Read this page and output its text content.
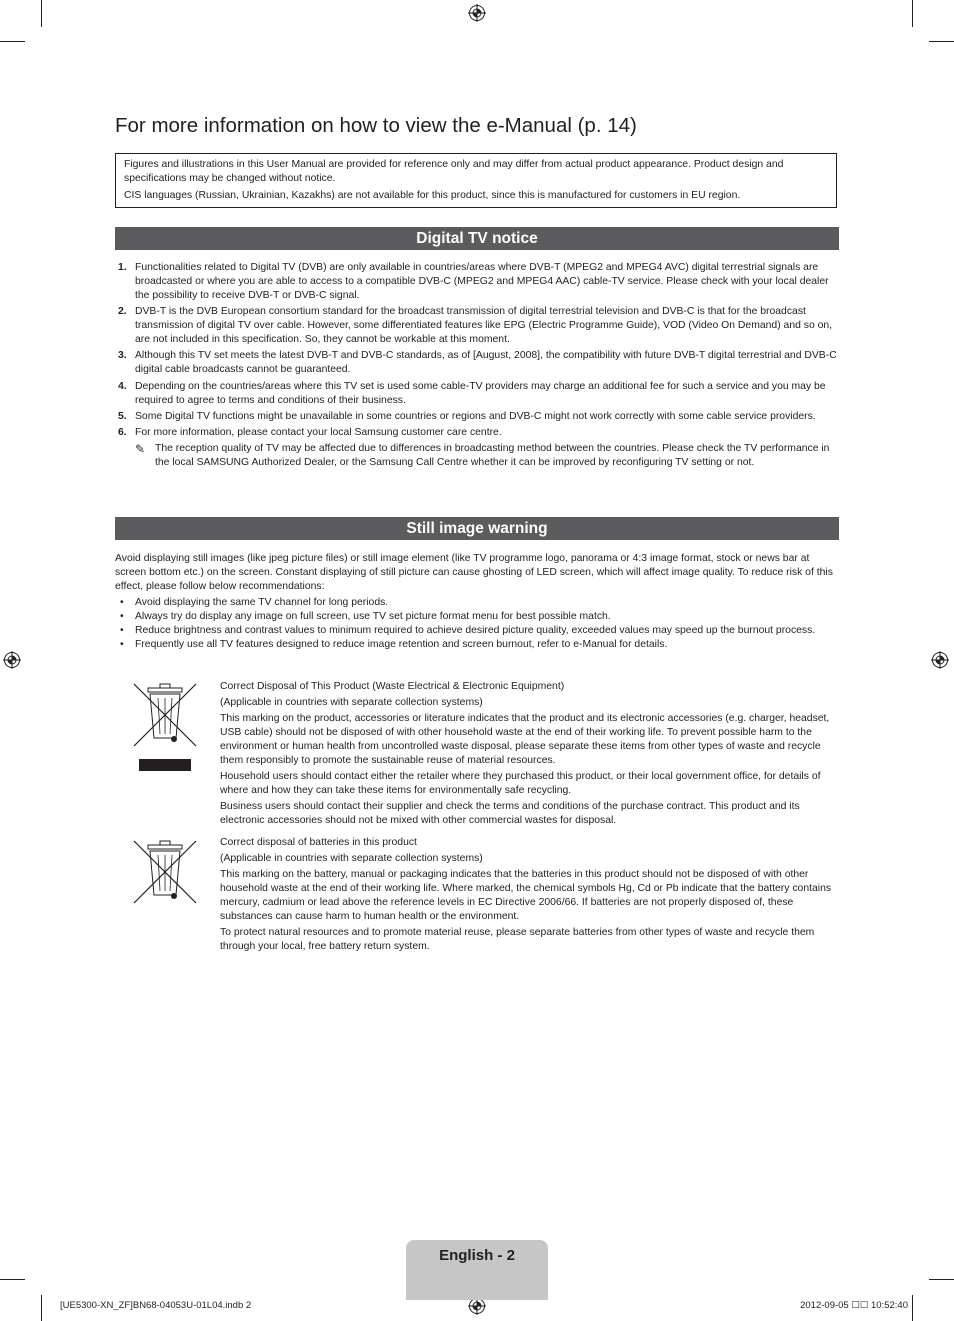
For more information on how to view the e-Manual (p. 14)

Figures and illustrations in this User Manual are provided for reference only and may differ from actual product appearance. Product design and specifications may be changed without notice.

CIS languages (Russian, Ukrainian, Kazakhs) are not available for this product, since this is manufactured for customers in EU region.

Digital TV notice
1. Functionalities related to Digital TV (DVB) are only available in countries/areas where DVB-T (MPEG2 and MPEG4 AVC) digital terrestrial signals are broadcasted or where you are able to access to a compatible DVB-C (MPEG2 and MPEG4 AAC) cable-TV service. Please check with your local dealer the possibility to receive DVB-T or DVB-C signal.
2. DVB-T is the DVB European consortium standard for the broadcast transmission of digital terrestrial television and DVB-C is that for the broadcast transmission of digital TV over cable. However, some differentiated features like EPG (Electric Programme Guide), VOD (Video On Demand) and so on, are not included in this specification. So, they cannot be workable at this moment.
3. Although this TV set meets the latest DVB-T and DVB-C standards, as of [August, 2008], the compatibility with future DVB-T digital terrestrial and DVB-C digital cable broadcasts cannot be guaranteed.
4. Depending on the countries/areas where this TV set is used some cable-TV providers may charge an additional fee for such a service and you may be required to agree to terms and conditions of their business.
5. Some Digital TV functions might be unavailable in some countries or regions and DVB-C might not work correctly with some cable service providers.
6. For more information, please contact your local Samsung customer care centre.
✎ The reception quality of TV may be affected due to differences in broadcasting method between the countries. Please check the TV performance in the local SAMSUNG Authorized Dealer, or the Samsung Call Centre whether it can be improved by reconfiguring TV setting or not.
Still image warning

Avoid displaying still images (like jpeg picture files) or still image element (like TV programme logo, panorama or 4:3 image format, stock or news bar at screen bottom etc.) on the screen. Constant displaying of still picture can cause ghosting of LED screen, which will affect image quality. To reduce risk of this effect, please follow below recommendations:

• Avoid displaying the same TV channel for long periods.
• Always try do display any image on full screen, use TV set picture format menu for best possible match.
• Reduce brightness and contrast values to minimum required to achieve desired picture quality, exceeded values may speed up the burnout process.
• Frequently use all TV features designed to reduce image retention and screen burnout, refer to e-Manual for details.

Correct Disposal of This Product (Waste Electrical & Electronic Equipment)

(Applicable in countries with separate collection systems)

This marking on the product, accessories or literature indicates that the product and its electronic accessories (e.g. charger, headset, USB cable) should not be disposed of with other household waste at the end of their working life. To prevent possible harm to the environment or human health from uncontrolled waste disposal, please separate these items from other types of waste and recycle them responsibly to promote the sustainable reuse of material resources.

Household users should contact either the retailer where they purchased this product, or their local government office, for details of where and how they can take these items for environmentally safe recycling.

Business users should contact their supplier and check the terms and conditions of the purchase contract. This product and its electronic accessories should not be mixed with other commercial wastes for disposal.

Correct disposal of batteries in this product

(Applicable in countries with separate collection systems)

This marking on the battery, manual or packaging indicates that the batteries in this product should not be disposed of with other household waste at the end of their working life. Where marked, the chemical symbols Hg, Cd or Pb indicate that the battery contains mercury, cadmium or lead above the reference levels in EC Directive 2006/66. If batteries are not properly disposed of, these substances can cause harm to human health or the environment.

To protect natural resources and to promote material reuse, please separate batteries from other types of waste and recycle them through your local, free battery return system.

English - 2
[UE5300-XN_ZF]BN68-04053U-01L04.indb 2	2012-09-05 ☐☐ 10:52:40
